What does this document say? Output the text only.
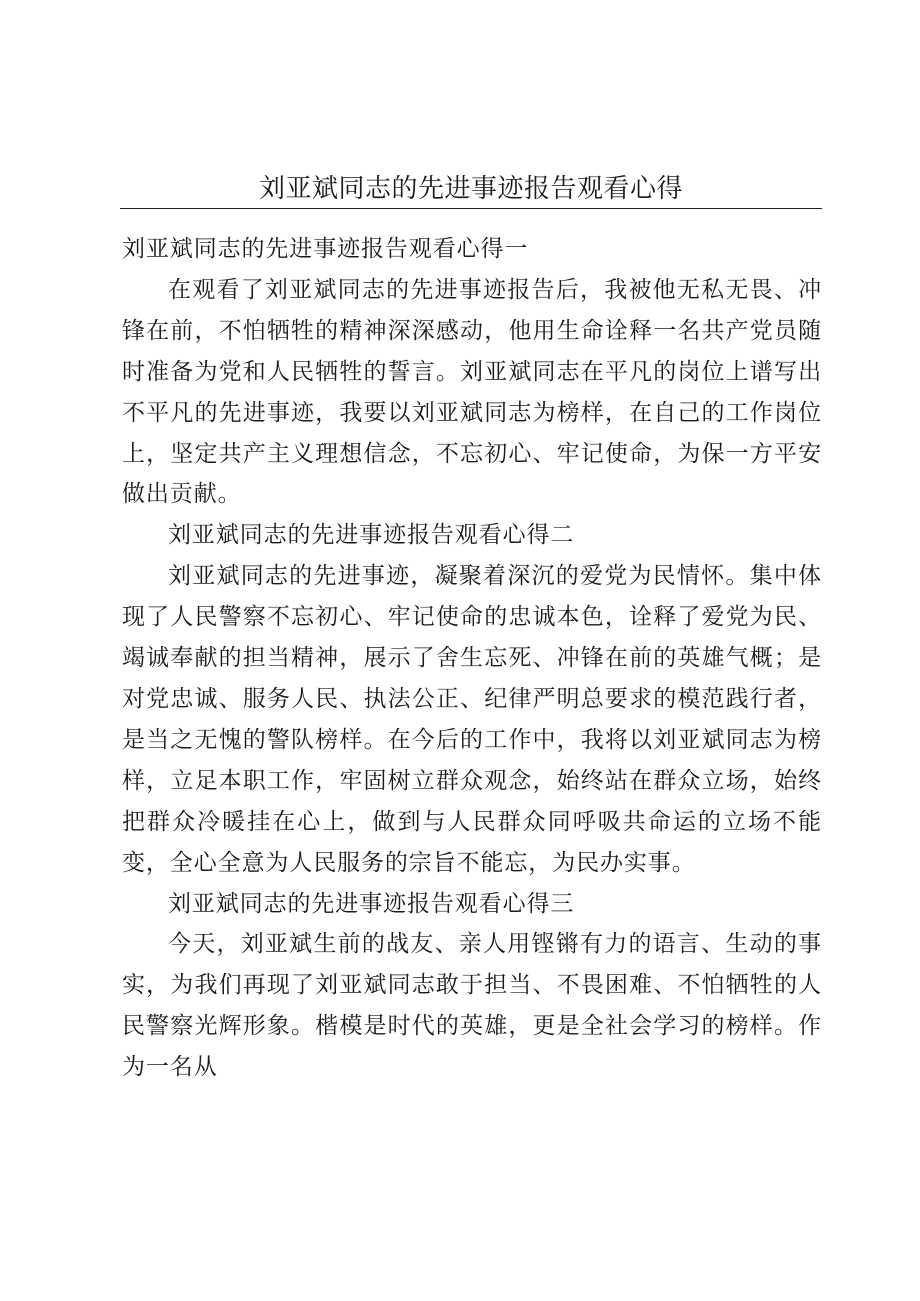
刘亚斌同志的先进事迹报告观看心得

刘亚斌同志的先进事迹报告观看心得一

在观看了刘亚斌同志的先进事迹报告后，我被他无私无畏、冲锋在前，不怕牺牲的精神深深感动，他用生命诠释一名共产党员随时准备为党和人民牺牲的誓言。刘亚斌同志在平凡的岗位上谱写出不平凡的先进事迹，我要以刘亚斌同志为榜样，在自己的工作岗位上，坚定共产主义理想信念，不忘初心、牢记使命，为保一方平安做出贡献。

刘亚斌同志的先进事迹报告观看心得二

刘亚斌同志的先进事迹，凝聚着深沉的爱党为民情怀。集中体现了人民警察不忘初心、牢记使命的忠诚本色，诠释了爱党为民、竭诚奉献的担当精神，展示了舍生忘死、冲锋在前的英雄气概；是对党忠诚、服务人民、执法公正、纪律严明总要求的模范践行者，是当之无愧的警队榜样。在今后的工作中，我将以刘亚斌同志为榜样，立足本职工作，牢固树立群众观念，始终站在群众立场，始终把群众冷暖挂在心上，做到与人民群众同呼吸共命运的立场不能变，全心全意为人民服务的宗旨不能忘，为民办实事。

刘亚斌同志的先进事迹报告观看心得三

今天，刘亚斌生前的战友、亲人用铿锵有力的语言、生动的事实，为我们再现了刘亚斌同志敢于担当、不畏困难、不怕牺牲的人民警察光辉形象。楷模是时代的英雄，更是全社会学习的榜样。作为一名从
